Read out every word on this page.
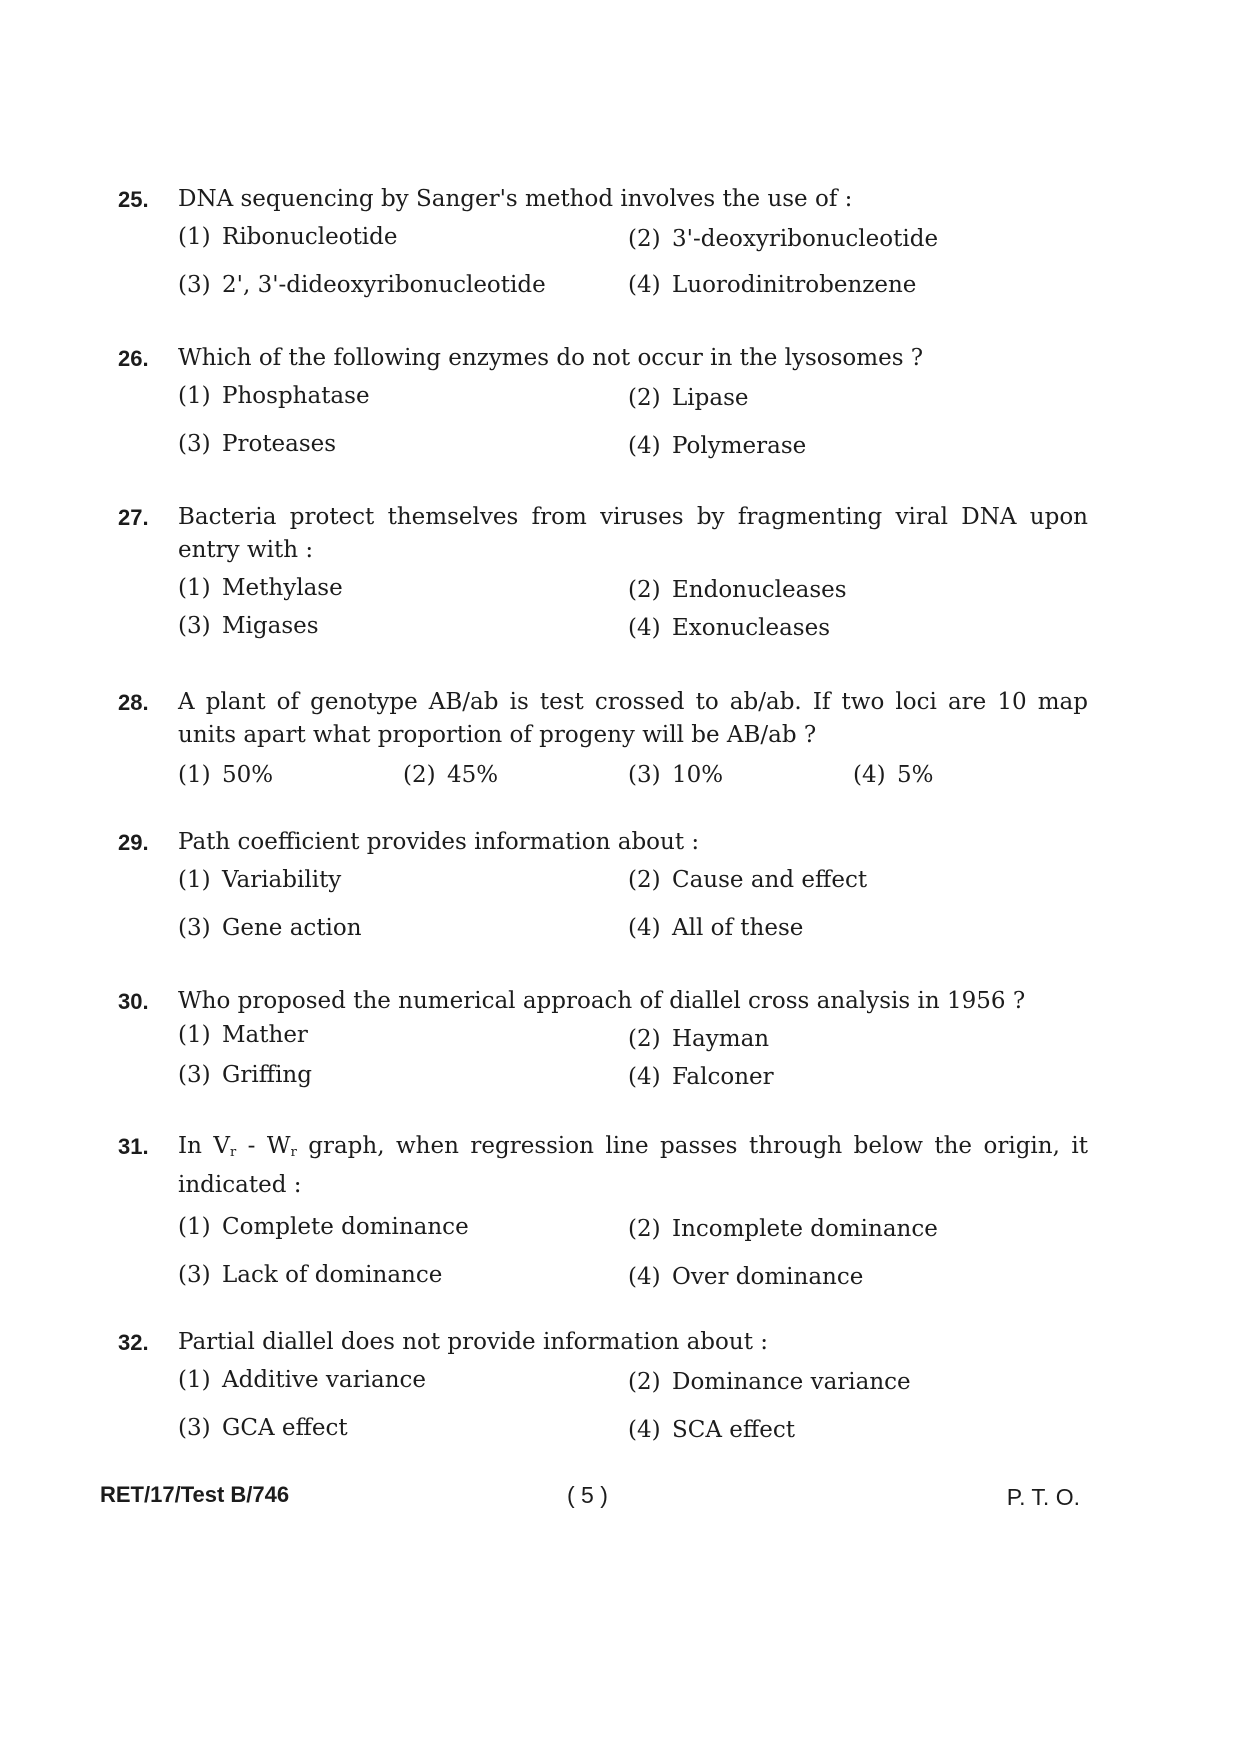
25. DNA sequencing by Sanger's method involves the use of :
(1) Ribonucleotide	(2) 3'-deoxyribonucleotide
(3) 2', 3'-dideoxyribonucleotide	(4) Luorodinitrobenzene
26. Which of the following enzymes do not occur in the lysosomes ?
(1) Phosphatase	(2) Lipase
(3) Proteases	(4) Polymerase
27. Bacteria protect themselves from viruses by fragmenting viral DNA upon entry with :
(1) Methylase	(2) Endonucleases
(3) Migases	(4) Exonucleases
28. A plant of genotype AB/ab is test crossed to ab/ab. If two loci are 10 map units apart what proportion of progeny will be AB/ab ?
(1) 50%	(2) 45%	(3) 10%	(4) 5%
29. Path coefficient provides information about :
(1) Variability	(2) Cause and effect
(3) Gene action	(4) All of these
30. Who proposed the numerical approach of diallel cross analysis in 1956 ?
(1) Mather	(2) Hayman
(3) Griffing	(4) Falconer
31. In $V_r - W_r$ graph, when regression line passes through below the origin, it indicated :
(1) Complete dominance	(2) Incomplete dominance
(3) Lack of dominance	(4) Over dominance
32. Partial diallel does not provide information about :
(1) Additive variance	(2) Dominance variance
(3) GCA effect	(4) SCA effect
RET/17/Test B/746	( 5 )	P. T. O.
